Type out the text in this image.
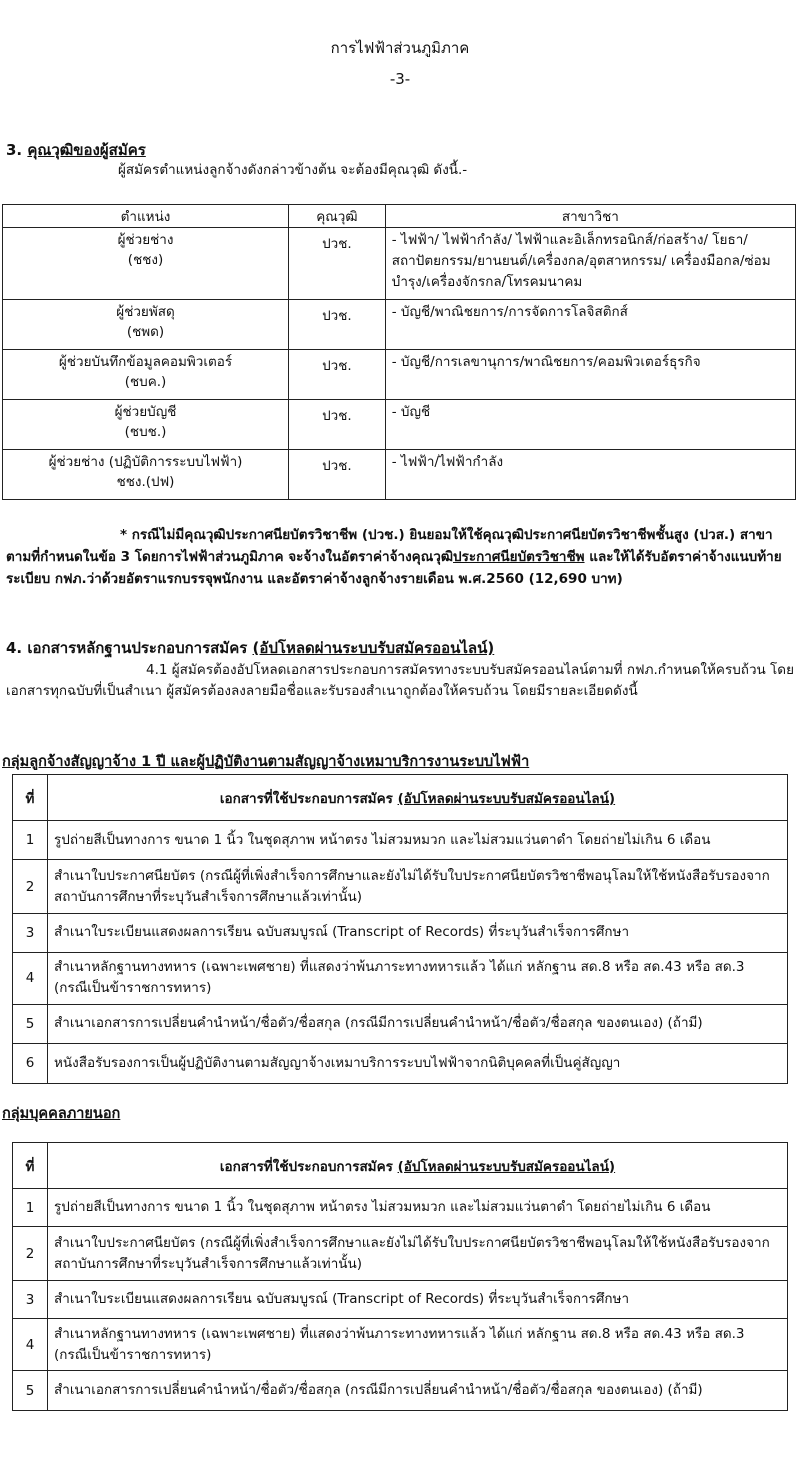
การไฟฟ้าส่วนภูมิภาค
-3-
3. คุณวุฒิของผู้สมัคร
ผู้สมัครตำแหน่งลูกจ้างดังกล่าวข้างต้น จะต้องมีคุณวุฒิ ดังนี้.-
ตำแหน่ง	คุณวุฒิ	สาขาวิชา

ผู้ช่วยช่าง
(ชชง)	ปวช.	- ไฟฟ้า/ ไฟฟ้ากำลัง/ ไฟฟ้าและอิเล็กทรอนิกส์/ก่อสร้าง/ โยธา/สถาปัตยกรรม/ยานยนต์/เครื่องกล/อุตสาหกรรม/ เครื่องมือกล/ซ่อมบำรุง/เครื่องจักรกล/โทรคมนาคม

ผู้ช่วยพัสดุ
(ชพด)	ปวช.	- บัญชี/พาณิชยการ/การจัดการโลจิสติกส์

ผู้ช่วยบันทึกข้อมูลคอมพิวเตอร์
(ชบค.)	ปวช.	- บัญชี/การเลขานุการ/พาณิชยการ/คอมพิวเตอร์ธุรกิจ

ผู้ช่วยบัญชี
(ชบช.)	ปวช.	- บัญชี

ผู้ช่วยช่าง (ปฏิบัติการระบบไฟฟ้า)
ชชง.(ปฟ)	ปวช.	- ไฟฟ้า/ไฟฟ้ากำลัง
* กรณีไม่มีคุณวุฒิประกาศนียบัตรวิชาชีพ (ปวช.) ยินยอมให้ใช้คุณวุฒิประกาศนียบัตรวิชาชีพชั้นสูง (ปวส.) สาขาตามที่กำหนดในข้อ 3 โดยการไฟฟ้าส่วนภูมิภาค จะจ้างในอัตราค่าจ้างคุณวุฒิประกาศนียบัตรวิชาชีพ และให้ได้รับอัตราค่าจ้างแนบท้ายระเบียบ กฟภ.ว่าด้วยอัตราแรกบรรจุพนักงาน และอัตราค่าจ้างลูกจ้างรายเดือน พ.ศ.2560 (12,690 บาท)
4. เอกสารหลักฐานประกอบการสมัคร (อัปโหลดผ่านระบบรับสมัครออนไลน์)
4.1 ผู้สมัครต้องอัปโหลดเอกสารประกอบการสมัครทางระบบรับสมัครออนไลน์ตามที่ กฟภ.กำหนดให้ครบถ้วน โดยเอกสารทุกฉบับที่เป็นสำเนา ผู้สมัครต้องลงลายมือชื่อและรับรองสำเนาถูกต้องให้ครบถ้วน โดยมีรายละเอียดดังนี้
กลุ่มลูกจ้างสัญญาจ้าง 1 ปี และผู้ปฏิบัติงานตามสัญญาจ้างเหมาบริการงานระบบไฟฟ้า
ที่	เอกสารที่ใช้ประกอบการสมัคร (อัปโหลดผ่านระบบรับสมัครออนไลน์)
1	รูปถ่ายสีเป็นทางการ ขนาด 1 นิ้ว ในชุดสุภาพ หน้าตรง ไม่สวมหมวก และไม่สวมแว่นตาดำ โดยถ่ายไม่เกิน 6 เดือน
2	สำเนาใบประกาศนียบัตร (กรณีผู้ที่เพิ่งสำเร็จการศึกษาและยังไม่ได้รับใบประกาศนียบัตรวิชาชีพอนุโลมให้ใช้หนังสือรับรองจากสถาบันการศึกษาที่ระบุวันสำเร็จการศึกษาแล้วเท่านั้น)
3	สำเนาใบระเบียนแสดงผลการเรียน ฉบับสมบูรณ์ (Transcript of Records) ที่ระบุวันสำเร็จการศึกษา
4	สำเนาหลักฐานทางทหาร (เฉพาะเพศชาย) ที่แสดงว่าพ้นภาระทางทหารแล้ว ได้แก่ หลักฐาน สด.8 หรือ สด.43 หรือ สด.3 (กรณีเป็นข้าราชการทหาร)
5	สำเนาเอกสารการเปลี่ยนคำนำหน้า/ชื่อตัว/ชื่อสกุล (กรณีมีการเปลี่ยนคำนำหน้า/ชื่อตัว/ชื่อสกุล ของตนเอง) (ถ้ามี)
6	หนังสือรับรองการเป็นผู้ปฏิบัติงานตามสัญญาจ้างเหมาบริการระบบไฟฟ้าจากนิติบุคคลที่เป็นคู่สัญญา
กลุ่มบุคคลภายนอก
ที่	เอกสารที่ใช้ประกอบการสมัคร (อัปโหลดผ่านระบบรับสมัครออนไลน์)
1	รูปถ่ายสีเป็นทางการ ขนาด 1 นิ้ว ในชุดสุภาพ หน้าตรง ไม่สวมหมวก และไม่สวมแว่นตาดำ โดยถ่ายไม่เกิน 6 เดือน
2	สำเนาใบประกาศนียบัตร (กรณีผู้ที่เพิ่งสำเร็จการศึกษาและยังไม่ได้รับใบประกาศนียบัตรวิชาชีพอนุโลมให้ใช้หนังสือรับรองจากสถาบันการศึกษาที่ระบุวันสำเร็จการศึกษาแล้วเท่านั้น)
3	สำเนาใบระเบียนแสดงผลการเรียน ฉบับสมบูรณ์ (Transcript of Records) ที่ระบุวันสำเร็จการศึกษา
4	สำเนาหลักฐานทางทหาร (เฉพาะเพศชาย) ที่แสดงว่าพ้นภาระทางทหารแล้ว ได้แก่ หลักฐาน สด.8 หรือ สด.43 หรือ สด.3 (กรณีเป็นข้าราชการทหาร)
5	สำเนาเอกสารการเปลี่ยนคำนำหน้า/ชื่อตัว/ชื่อสกุล (กรณีมีการเปลี่ยนคำนำหน้า/ชื่อตัว/ชื่อสกุล ของตนเอง) (ถ้ามี)
